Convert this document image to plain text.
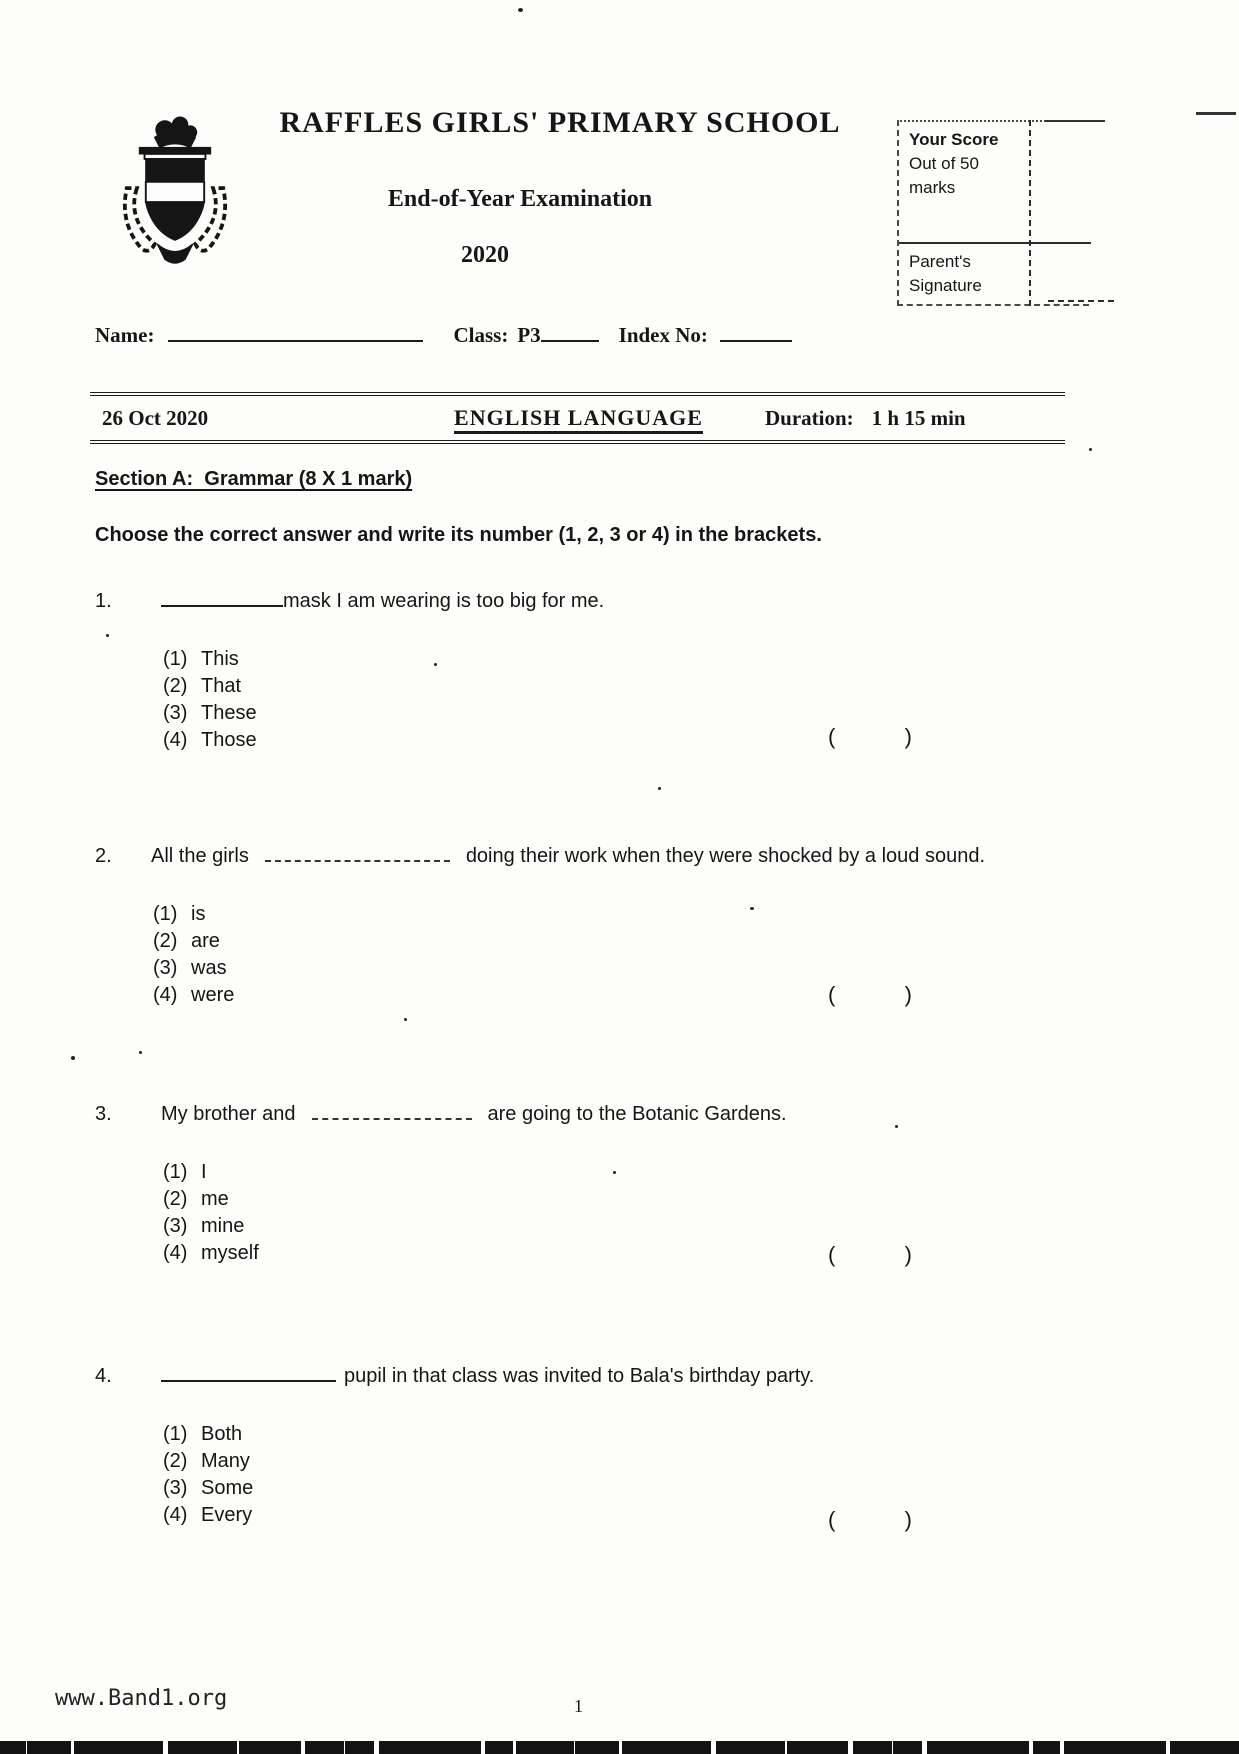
RAFFLES GIRLS' PRIMARY SCHOOL
End-of-Year Examination
2020
Your Score Out of 50 marks
Parent's Signature
Name:	Class: P3	Index No:
26 Oct 2020	ENGLISH LANGUAGE	Duration: 1 h 15 min
Section A:  Grammar (8 X 1 mark)
Choose the correct answer and write its number (1, 2, 3 or 4) in the brackets.
1.	mask I am wearing is too big for me.
(1) This
(2) That
(3) These
(4) Those	(	)
2. All the girls	doing their work when they were shocked by a loud sound.
(1) is
(2) are
(3) was
(4) were	(	)
3. My brother and	are going to the Botanic Gardens.
(1) I
(2) me
(3) mine
(4) myself	(	)
4.	pupil in that class was invited to Bala's birthday party.
(1) Both
(2) Many
(3) Some
(4) Every	(	)
www.Band1.org	1
